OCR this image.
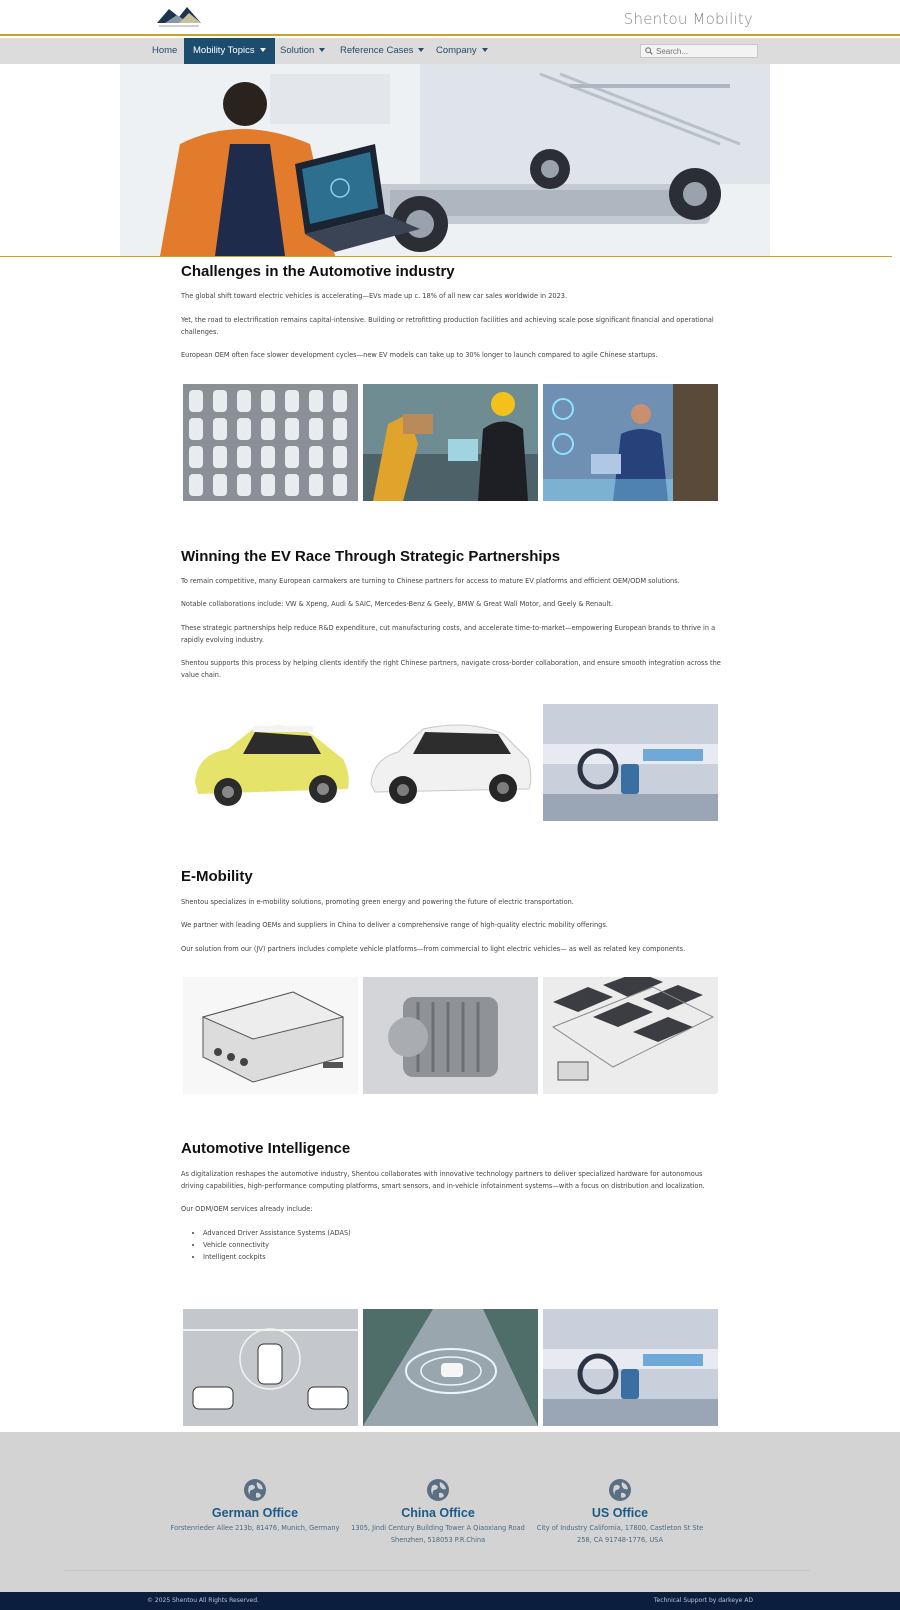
Shentou Mobility
Home	Mobility Topics	Solution	Reference Cases	Company
Search...
Challenges in the Automotive industry
The global shift toward electric vehicles is accelerating—EVs made up c. 18% of all new car sales worldwide in 2023.
Yet, the road to electrification remains capital-intensive. Building or retrofitting production facilities and achieving scale pose significant financial and operational challenges.
European OEM often face slower development cycles—new EV models can take up to 30% longer to launch compared to agile Chinese startups.
Winning the EV Race Through Strategic Partnerships
To remain competitive, many European carmakers are turning to Chinese partners for access to mature EV platforms and efficient OEM/ODM solutions.
Notable collaborations include: VW & Xpeng, Audi & SAIC, Mercedes-Benz & Geely, BMW & Great Wall Motor, and Geely & Renault.
These strategic partnerships help reduce R&D expenditure, cut manufacturing costs, and accelerate time-to-market—empowering European brands to thrive in a rapidly evolving industry.
Shentou supports this process by helping clients identify the right Chinese partners, navigate cross-border collaboration, and ensure smooth integration across the value chain.
E-Mobility
Shentou specializes in e-mobility solutions, promoting green energy and powering the future of electric transportation.
We partner with leading OEMs and suppliers in China to deliver a comprehensive range of high-quality electric mobility offerings.
Our solution from our (JV) partners includes complete vehicle platforms—from commercial to light electric vehicles— as well as related key components.
Automotive Intelligence
As digitalization reshapes the automotive industry, Shentou collaborates with innovative technology partners to deliver specialized hardware for autonomous driving capabilities, high-performance computing platforms, smart sensors, and in-vehicle infotainment systems—with a focus on distribution and localization.
Our ODM/OEM services already include:
• Advanced Driver Assistance Systems (ADAS)
• Vehicle connectivity
• Intelligent cockpits
German Office
Forstenrieder Allee 213b, 81476, Munich, Germany
China Office
1305, Jindi Century Building Tower A Qiaoxiang Road
Shenzhen, 518053 P.R.China
US Office
City of Industry California, 17800, Castleton St Ste
258, CA 91748-1776, USA
© 2025 Shentou All Rights Reserved.	Technical Support by darkeye AD
